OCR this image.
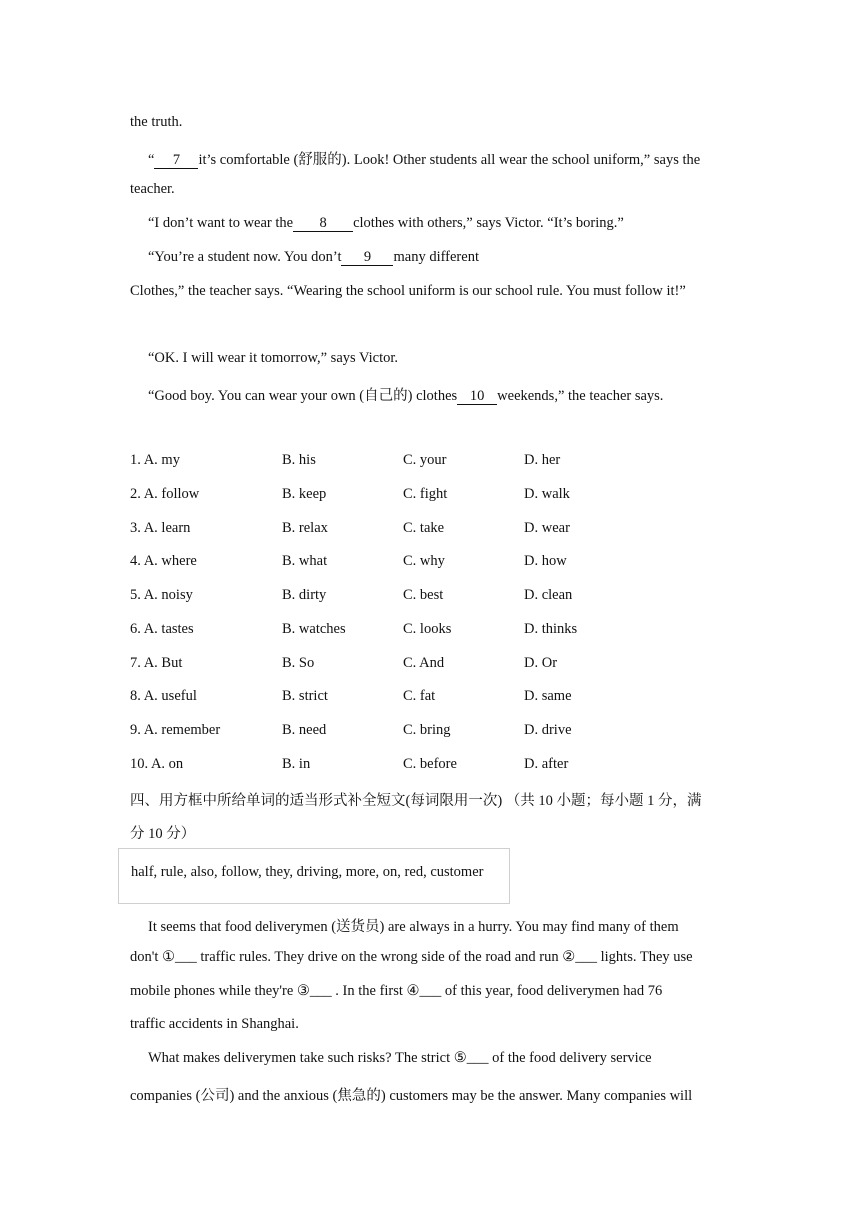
the truth.
“ 7 it’s comfortable (舒服的). Look! Other students all wear the school uniform,” says the
teacher.
“I don’t want to wear the 8 clothes with others,” says Victor. “It’s boring.”
“You’re a student now. You don’t 9 many different
Clothes,” the teacher says. “Wearing the school uniform is our school rule. You must follow it!”
“OK. I will wear it tomorrow,” says Victor.
“Good boy. You can wear your own (自己的) clothes 10 weekends,” the teacher says.
1. A. my	B. his	C. your	D. her
2. A. follow	B. keep	C. fight	D. walk
3. A. learn	B. relax	C. take	D. wear
4. A. where	B. what	C. why	D. how
5. A. noisy	B. dirty	C. best	D. clean
6. A. tastes	B. watches	C. looks	D. thinks
7. A. But	B. So	C. And	D. Or
8. A. useful	B. strict	C. fat	D. same
9. A. remember	B. need	C. bring	D. drive
10. A. on	B. in	C. before	D. after
四、用方框中所给单词的适当形式补全短文(每词限用一次) （共 10 小题；每小题 1 分，满
分 10 分）
half, rule, also, follow, they, driving, more, on, red, customer
It seems that food deliverymen (送货员) are always in a hurry. You may find many of them
don't ①___ traffic rules. They drive on the wrong side of the road and run ②___ lights. They use
mobile phones while they're ③___ . In the first ④___ of this year, food deliverymen had 76
traffic accidents in Shanghai.
What makes deliverymen take such risks? The strict ⑤___ of the food delivery service
companies (公司) and the anxious (焦急的) customers may be the answer. Many companies will
